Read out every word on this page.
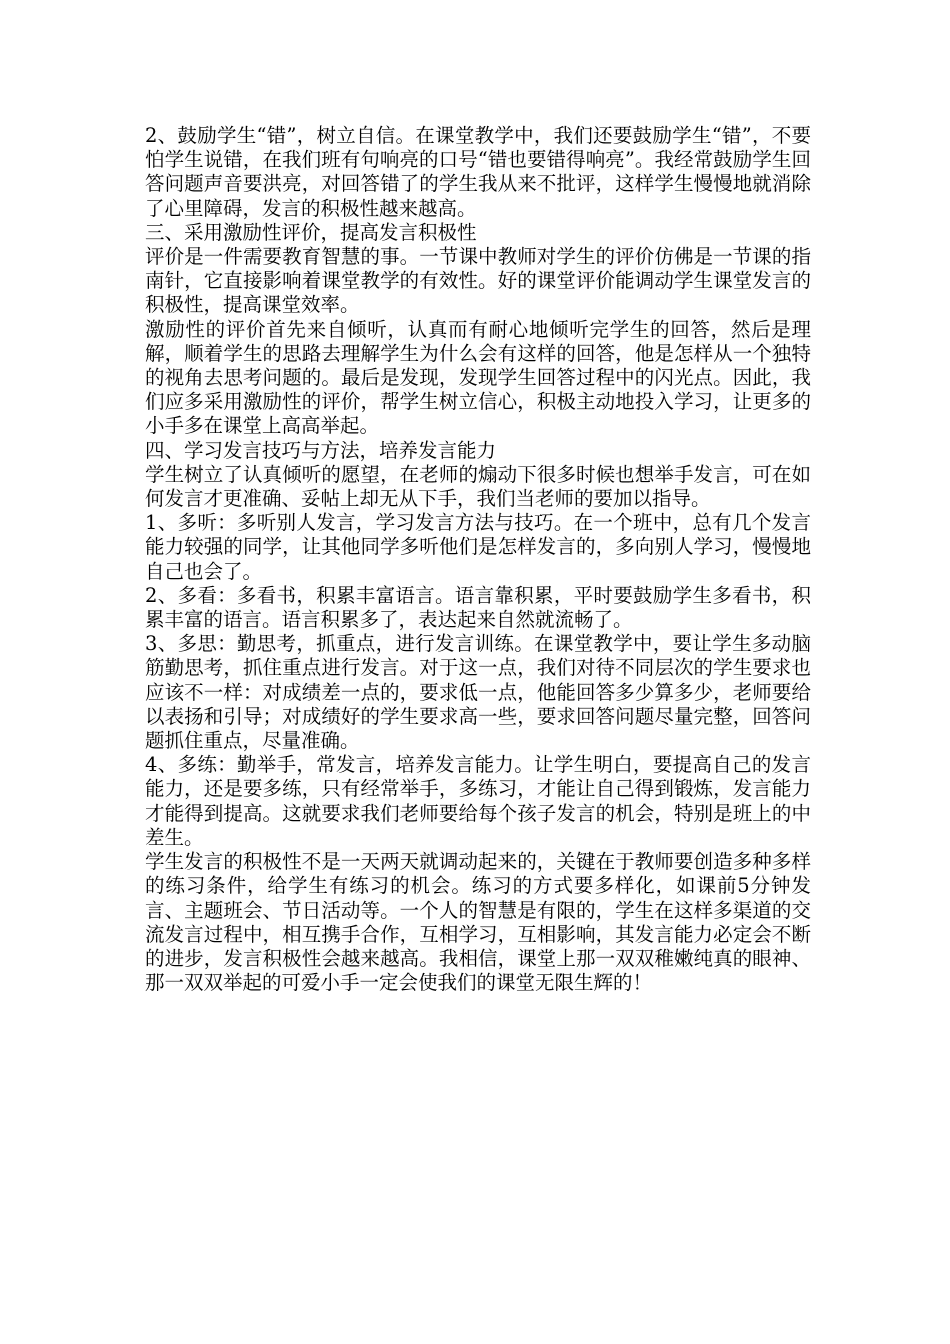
2、鼓励学生“错”，树立自信。在课堂教学中，我们还要鼓励学生“错”，不要怕学生说错，在我们班有句响亮的口号“错也要错得响亮”。我经常鼓励学生回答问题声音要洪亮，对回答错了的学生我从来不批评，这样学生慢慢地就消除了心里障碍，发言的积极性越来越高。

三、采用激励性评价，提高发言积极性

评价是一件需要教育智慧的事。一节课中教师对学生的评价仿佛是一节课的指南针，它直接影响着课堂教学的有效性。好的课堂评价能调动学生课堂发言的积极性，提高课堂效率。

激励性的评价首先来自倾听，认真而有耐心地倾听完学生的回答，然后是理解，顺着学生的思路去理解学生为什么会有这样的回答，他是怎样从一个独特的视角去思考问题的。最后是发现，发现学生回答过程中的闪光点。因此，我们应多采用激励性的评价，帮学生树立信心，积极主动地投入学习，让更多的小手多在课堂上高高举起。

四、学习发言技巧与方法，培养发言能力

学生树立了认真倾听的愿望，在老师的煽动下很多时候也想举手发言，可在如何发言才更准确、妥帖上却无从下手，我们当老师的要加以指导。

1、多听：多听别人发言，学习发言方法与技巧。在一个班中，总有几个发言能力较强的同学，让其他同学多听他们是怎样发言的，多向别人学习，慢慢地自己也会了。

2、多看：多看书，积累丰富语言。语言靠积累，平时要鼓励学生多看书，积累丰富的语言。语言积累多了，表达起来自然就流畅了。

3、多思：勤思考，抓重点，进行发言训练。在课堂教学中，要让学生多动脑筋勤思考，抓住重点进行发言。对于这一点，我们对待不同层次的学生要求也应该不一样：对成绩差一点的，要求低一点，他能回答多少算多少，老师要给以表扬和引导；对成绩好的学生要求高一些，要求回答问题尽量完整，回答问题抓住重点，尽量准确。

4、多练：勤举手，常发言，培养发言能力。让学生明白，要提高自己的发言能力，还是要多练，只有经常举手，多练习，才能让自己得到锻炼，发言能力才能得到提高。这就要求我们老师要给每个孩子发言的机会，特别是班上的中差生。

学生发言的积极性不是一天两天就调动起来的，关键在于教师要创造多种多样的练习条件，给学生有练习的机会。练习的方式要多样化，如课前5分钟发言、主题班会、节日活动等。一个人的智慧是有限的，学生在这样多渠道的交流发言过程中，相互携手合作，互相学习，互相影响，其发言能力必定会不断的进步，发言积极性会越来越高。我相信，课堂上那一双双稚嫩纯真的眼神、那一双双举起的可爱小手一定会使我们的课堂无限生辉的！
